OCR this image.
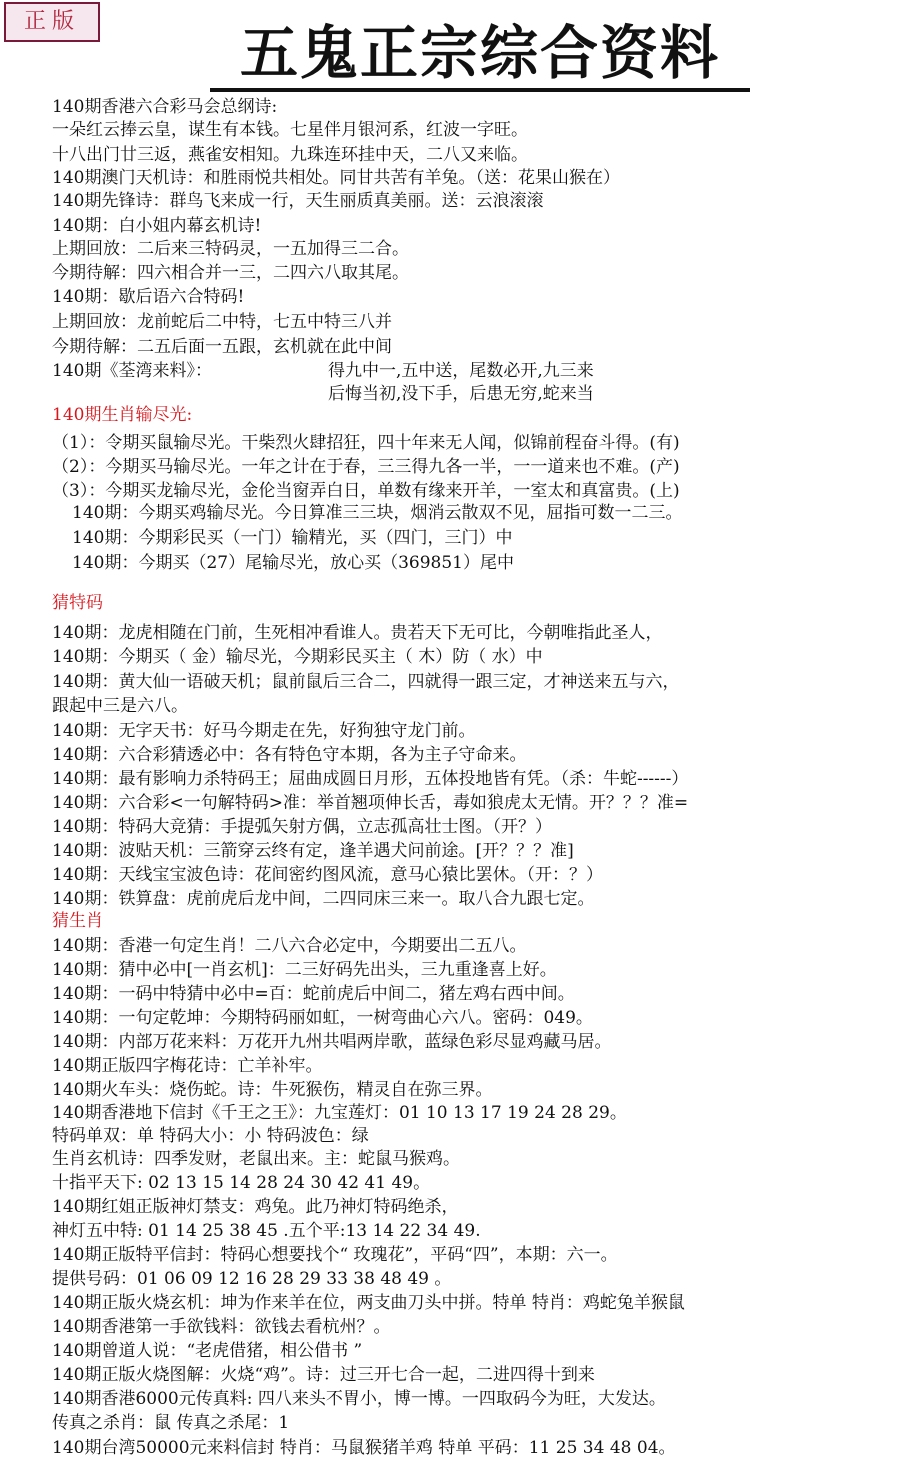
正版	五鬼正宗综合资料
140期香港六合彩马会总纲诗:
一朵红云捧云皇，谋生有本钱。七星伴月银河系，红波一字旺。
十八出门廿三返，燕雀安相知。九珠连环挂中天，二八又来临。
140期澳门天机诗：和胜雨悦共相处。同甘共苦有羊兔。（送：花果山猴在）
140期先锋诗：群鸟飞来成一行，天生丽质真美丽。送：云浪滚滚
140期：白小姐内幕玄机诗!
上期回放：二后来三特码灵，一五加得三二合。
今期待解：四六相合并一三，二四六八取其尾。
140期：歇后语六合特码!
上期回放：龙前蛇后二中特，七五中特三八并
今期待解：二五后面一五跟，玄机就在此中间
140期《荃湾来料》：	得九中一,五中送，尾数必开,九三来
后悔当初,没下手，后患无穷,蛇来当
140期生肖输尽光:
（1）：令期买鼠输尽光。干柴烈火肆招狂，四十年来无人闻，似锦前程奋斗得。(有)
（2）：今期买马输尽光。一年之计在于春，三三得九各一半，一一道来也不难。(产)
（3）：今期买龙输尽光，金伦当窗弄白日，单数有缘来开羊，一室太和真富贵。(上)
140期：今期买鸡输尽光。今日算准三三块，烟消云散双不见，屈指可数一二三。
140期：今期彩民买（一门）输精光，买（四门，三门）中
140期：今期买（27）尾输尽光，放心买（369851）尾中
猜特码
140期：龙虎相随在门前，生死相冲看谁人。贵若天下无可比，今朝唯指此圣人，
140期：今期买（ 金）输尽光，今期彩民买主（ 木）防（ 水）中
140期：黄大仙一语破天机；鼠前鼠后三合二，四就得一跟三定，才神送来五与六，
跟起中三是六八。
140期：无字天书：好马今期走在先，好狗独守龙门前。
140期：六合彩猜透必中：各有特色守本期，各为主子守命来。
140期：最有影响力杀特码王；屈曲成圆日月形，五体投地皆有凭。（杀：牛蛇------）
140期：六合彩<一句解特码>准：举首翘项伸长舌，毒如狼虎太无情。开？？？准=
140期：特码大竞猜：手提弧矢射方偶，立志孤高壮士图。（开？）
140期：波贴天机：三箭穿云终有定，逢羊遇犬问前途。[开？？？准]
140期：天线宝宝波色诗：花间密约图风流，意马心猿比罢休。（开：？）
140期：铁算盘：虎前虎后龙中间，二四同床三来一。取八合九跟七定。
猜生肖
140期：香港一句定生肖！二八六合必定中，今期要出二五八。
140期：猜中必中[一肖玄机]：二三好码先出头，三九重逢喜上好。
140期：一码中特猜中必中=百：蛇前虎后中间二，猪左鸡右西中间。
140期：一句定乾坤：今期特码丽如虹，一树弯曲心六八。密码：049。
140期：内部万花来料：万花开九州共唱两岸歌，蓝绿色彩尽显鸡藏马居。
140期正版四字梅花诗：亡羊补牢。
140期火车头：烧伤蛇。诗：牛死猴伤，精灵自在弥三界。
140期香港地下信封《千王之王》：九宝莲灯：01 10 13 17 19 24 28 29。
特码单双：单 特码大小：小 特码波色：绿
生肖玄机诗：四季发财，老鼠出来。主：蛇鼠马猴鸡。
十指平天下: 02 13 15 14 28 24 30 42 41 49。
140期红姐正版神灯禁支：鸡兔。此乃神灯特码绝杀，
神灯五中特: 01 14 25 38 45 .五个平:13 14 22 34 49.
140期正版特平信封：特码心想要找个“ 玫瑰花”，平码“四”，本期：六一。
提供号码：01 06 09 12 16 28 29 33 38 48 49 。
140期正版火烧玄机：坤为作来羊在位，两支曲刀头中拼。特单 特肖：鸡蛇兔羊猴鼠
140期香港第一手欲钱料：欲钱去看杭州？。
140期曾道人说：“老虎借猪，相公借书 ”
140期正版火烧图解：火烧“鸡”。诗：过三开七合一起，二进四得十到来
140期香港6000元传真料: 四八来头不胃小，博一博。一四取码今为旺，大发达。
传真之杀肖：鼠 传真之杀尾：1
140期台湾50000元来料信封 特肖：马鼠猴猪羊鸡 特单 平码：11 25 34 48 04。
